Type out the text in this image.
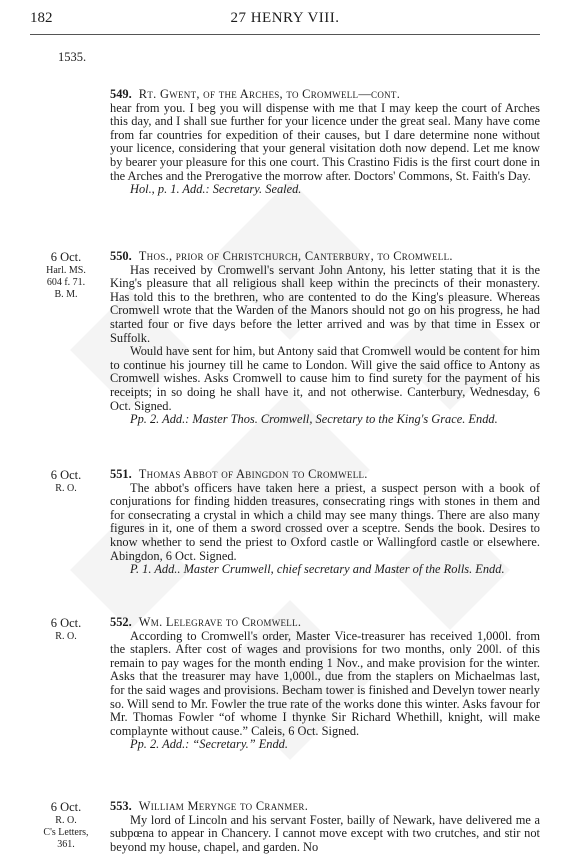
182	27 HENRY VIII.
1535.
549. Rt. Gwent, of the Arches, to Cromwell—cont.
hear from you. I beg you will dispense with me that I may keep the court of Arches this day, and I shall sue further for your licence under the great seal. Many have come from far countries for expedition of their causes, but I dare determine none without your licence, considering that your general visitation doth now depend. Let me know by bearer your pleasure for this one court. This Crastino Fidis is the first court done in the Arches and the Prerogative the morrow after. Doctors' Commons, St. Faith's Day.
Hol., p. 1. Add.: Secretary. Sealed.
6 Oct.
Harl. MS.
604 f. 71.
B. M.
550. Thos., prior of Christchurch, Canterbury, to Cromwell.
Has received by Cromwell's servant John Antony, his letter stating that it is the King's pleasure that all religious shall keep within the precincts of their monastery. Has told this to the brethren, who are contented to do the King's pleasure. Whereas Cromwell wrote that the Warden of the Manors should not go on his progress, he had started four or five days before the letter arrived and was by that time in Essex or Suffolk.
Would have sent for him, but Antony said that Cromwell would be content for him to continue his journey till he came to London. Will give the said office to Antony as Cromwell wishes. Asks Cromwell to cause him to find surety for the payment of his receipts; in so doing he shall have it, and not otherwise. Canterbury, Wednesday, 6 Oct. Signed.
Pp. 2. Add.: Master Thos. Cromwell, Secretary to the King's Grace. Endd.
6 Oct.
R. O.
551. Thomas Abbot of Abingdon to Cromwell.
The abbot's officers have taken here a priest, a suspect person with a book of conjurations for finding hidden treasures, consecrating rings with stones in them and for consecrating a crystal in which a child may see many things. There are also many figures in it, one of them a sword crossed over a sceptre. Sends the book. Desires to know whether to send the priest to Oxford castle or Wallingford castle or elsewhere. Abingdon, 6 Oct. Signed.
P. 1. Add.. Master Crumwell, chief secretary and Master of the Rolls. Endd.
6 Oct.
R. O.
552. Wm. Lelegrave to Cromwell.
According to Cromwell's order, Master Vice-treasurer has received 1,000l. from the staplers. After cost of wages and provisions for two months, only 200l. of this remain to pay wages for the month ending 1 Nov., and make provision for the winter. Asks that the treasurer may have 1,000l., due from the staplers on Michaelmas last, for the said wages and provisions. Becham tower is finished and Develyn tower nearly so. Will send to Mr. Fowler the true rate of the works done this winter. Asks favour for Mr. Thomas Fowler “of whome I thynke Sir Richard Whethill, knight, will make complaynte without cause.” Caleis, 6 Oct. Signed.
Pp. 2. Add.: “Secretary.” Endd.
6 Oct.
R. O.
C's Letters,
361.
553. William Merynge to Cranmer.
My lord of Lincoln and his servant Foster, bailly of Newark, have delivered me a subpœna to appear in Chancery. I cannot move except with two crutches, and stir not beyond my house, chapel, and garden. No
